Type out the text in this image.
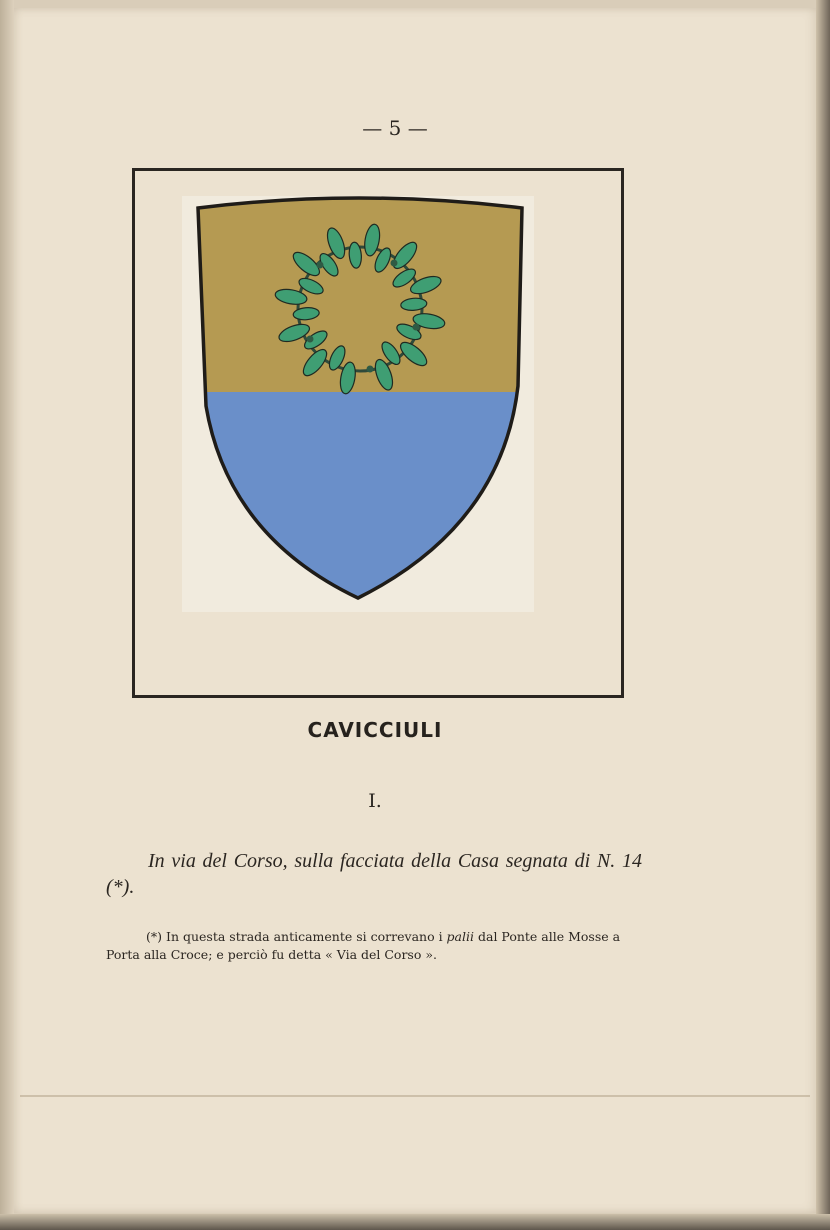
— 5 —
CAVICCIULI
I.
In via del Corso, sulla facciata della Casa segnata di N. 14 (*).
(*) In questa strada anticamente si correvano i palii dal Ponte alle Mosse a Porta alla Croce; e perciò fu detta « Via del Corso ».
